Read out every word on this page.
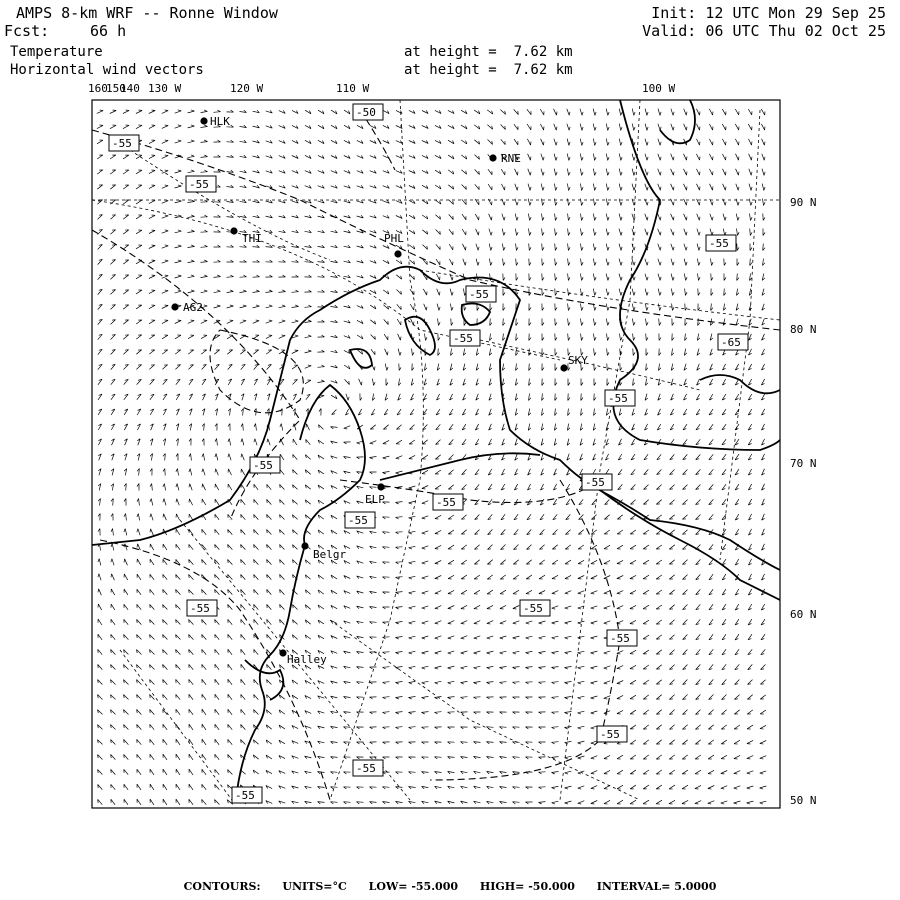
AMPS 8-km WRF -- Ronne Window
Fcst:	66 h
Init: 12 UTC Mon 29 Sep 25
Valid: 06 UTC Thu 02 Oct 25
Temperature
Horizontal wind vectors
at height =  7.62 km
at height =  7.62 km
160
150
140 130 W	120 W	110 W	100 W
90 N
80 N
70 N
60 N
50 N
HLK
RNE
THI	PHL
AG2
SKY
ELP
Belgr
Halley
-50
-55
-55
-55
-55
-65
-55
-55
-55
-55
-55
-55
-55
-55
-55
-55
-55
-55
CONTOURS: UNITS=°C LOW= -55.000 HIGH= -50.000 INTERVAL= 5.0000
